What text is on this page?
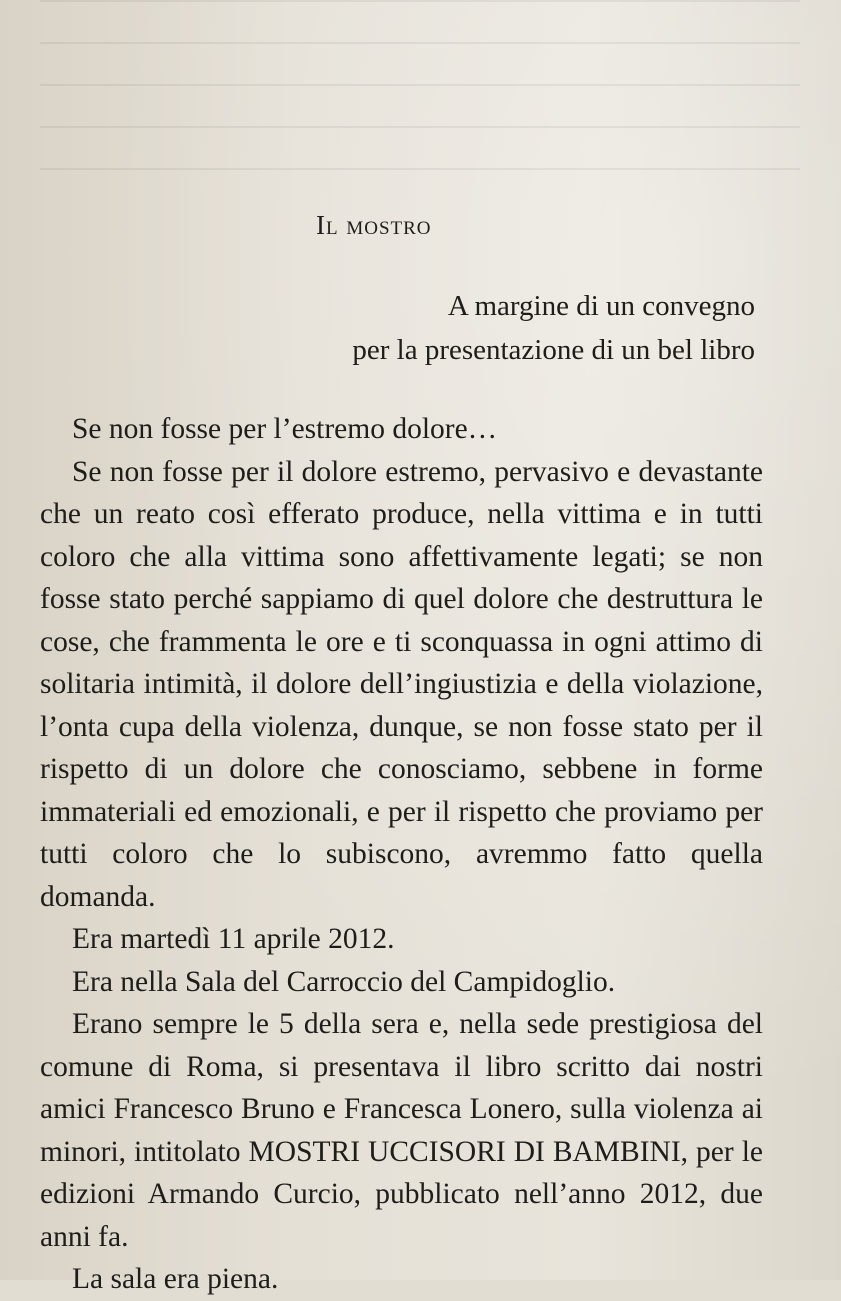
Il mostro
A margine di un convegno
per la presentazione di un bel libro

Se non fosse per l’estremo dolore…

Se non fosse per il dolore estremo, pervasivo e devastante che un reato così efferato produce, nella vittima e in tutti coloro che alla vittima sono affettivamente legati; se non fosse stato perché sappiamo di quel dolore che destruttura le cose, che frammenta le ore e ti sconquassa in ogni attimo di solitaria intimità, il dolore dell’ingiustizia e della violazione, l’onta cupa della violenza, dunque, se non fosse stato per il rispetto di un dolore che conosciamo, sebbene in forme immateriali ed emozionali, e per il rispetto che proviamo per tutti coloro che lo subiscono, avremmo fatto quella domanda.

Era martedì 11 aprile 2012.

Era nella Sala del Carroccio del Campidoglio.

Erano sempre le 5 della sera e, nella sede prestigiosa del comune di Roma, si presentava il libro scritto dai nostri amici Francesco Bruno e Francesca Lonero, sulla violenza ai minori, intitolato MOSTRI UCCISORI DI BAMBINI, per le edizioni Armando Curcio, pubblicato nell’anno 2012, due anni fa.

La sala era piena.
